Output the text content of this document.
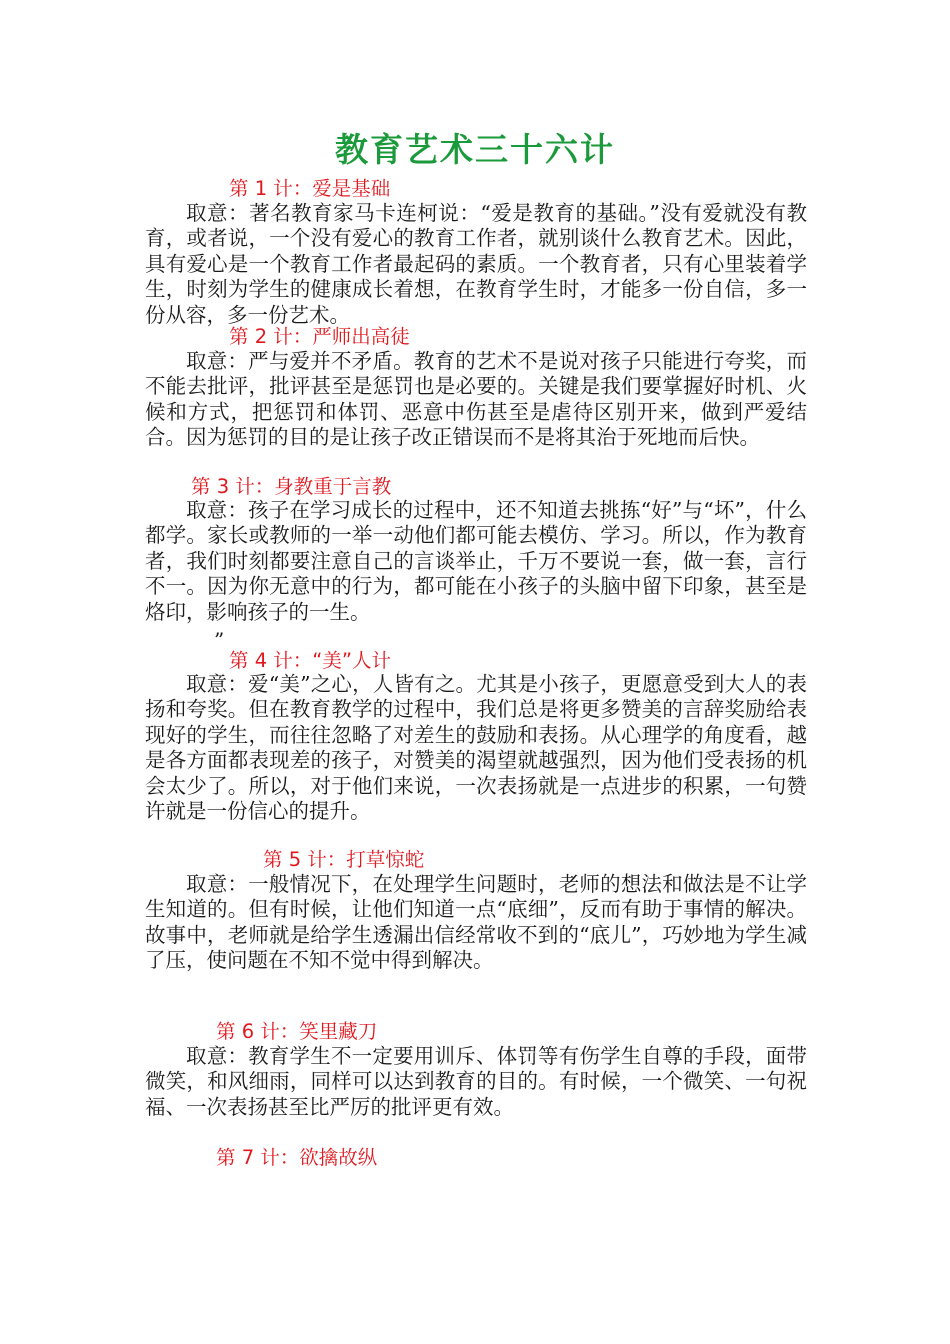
教育艺术三十六计
第 1 计：爱是基础

取意：著名教育家马卡连柯说：“爱是教育的基础。”没有爱就没有教育，或者说，一个没有爱心的教育工作者，就别谈什么教育艺术。因此，具有爱心是一个教育工作者最起码的素质。一个教育者，只有心里装着学生，时刻为学生的健康成长着想，在教育学生时，才能多一份自信，多一份从容，多一份艺术。

第 2 计：严师出高徒

取意：严与爱并不矛盾。教育的艺术不是说对孩子只能进行夸奖，而不能去批评，批评甚至是惩罚也是必要的。关键是我们要掌握好时机、火候和方式，把惩罚和体罚、恶意中伤甚至是虐待区别开来，做到严爱结合。因为惩罚的目的是让孩子改正错误而不是将其治于死地而后快。

第 3 计：身教重于言教

取意：孩子在学习成长的过程中，还不知道去挑拣“好”与“坏”，什么都学。家长或教师的一举一动他们都可能去模仿、学习。所以，作为教育者，我们时刻都要注意自己的言谈举止，千万不要说一套，做一套，言行不一。因为你无意中的行为，都可能在小孩子的头脑中留下印象，甚至是烙印，影响孩子的一生。

”
第 4 计：“美”人计

取意：爱“美”之心，人皆有之。尤其是小孩子，更愿意受到大人的表扬和夸奖。但在教育教学的过程中，我们总是将更多赞美的言辞奖励给表现好的学生，而往往忽略了对差生的鼓励和表扬。从心理学的角度看，越是各方面都表现差的孩子，对赞美的渴望就越强烈，因为他们受表扬的机会太少了。所以，对于他们来说，一次表扬就是一点进步的积累，一句赞许就是一份信心的提升。

第 5 计：打草惊蛇

取意：一般情况下，在处理学生问题时，老师的想法和做法是不让学生知道的。但有时候，让他们知道一点“底细”，反而有助于事情的解决。故事中，老师就是给学生透漏出信经常收不到的“底儿”，巧妙地为学生减了压，使问题在不知不觉中得到解决。

第 6 计：笑里藏刀

取意：教育学生不一定要用训斥、体罚等有伤学生自尊的手段，面带微笑，和风细雨，同样可以达到教育的目的。有时候，一个微笑、一句祝福、一次表扬甚至比严厉的批评更有效。

第 7 计：欲擒故纵
